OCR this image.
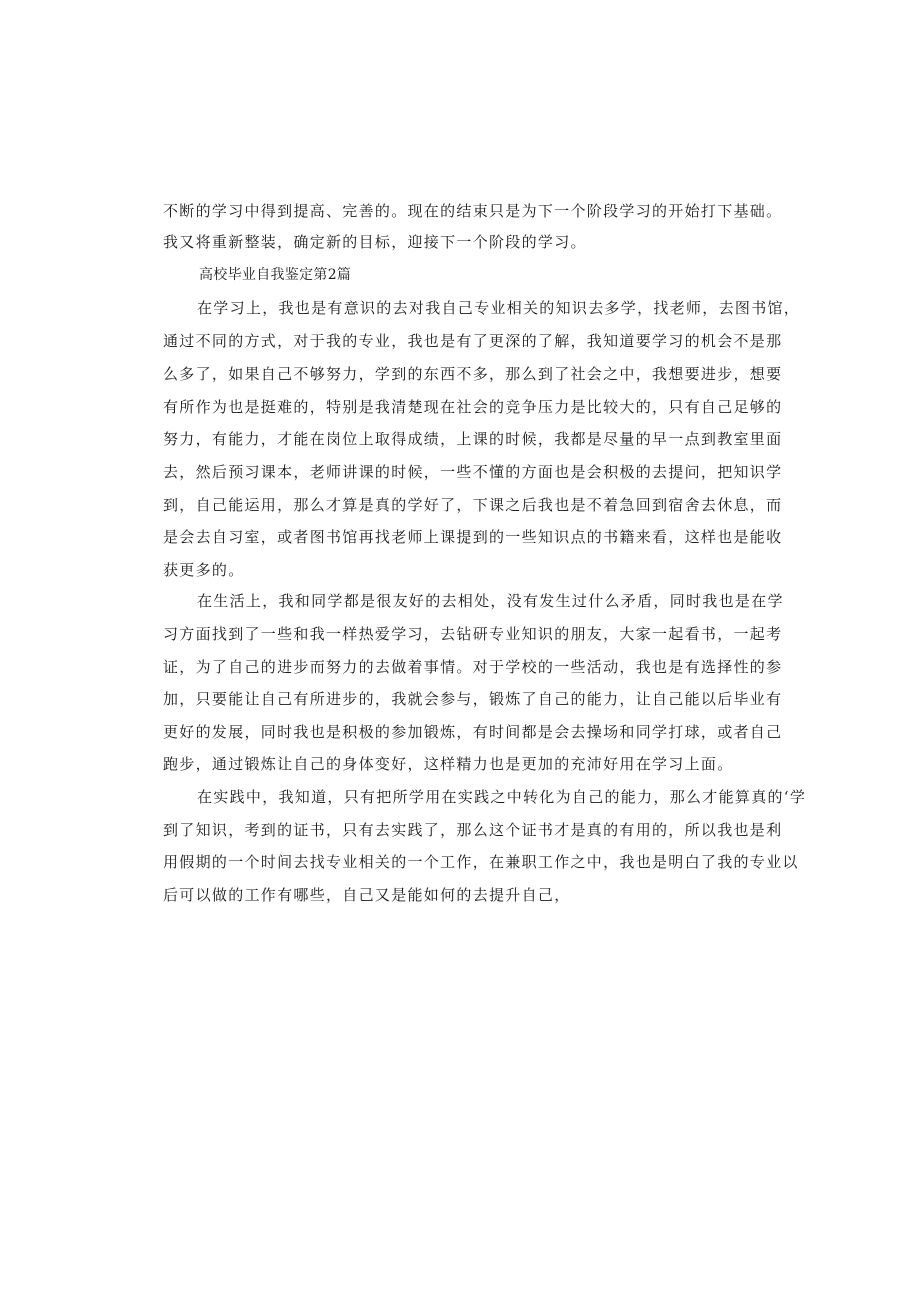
不断的学习中得到提高、完善的。现在的结束只是为下一个阶段学习的开始打下基础。
我又将重新整装，确定新的目标，迎接下一个阶段的学习。
高校毕业自我鉴定第2篇
在学习上，我也是有意识的去对我自己专业相关的知识去多学，找老师，去图书馆，
通过不同的方式，对于我的专业，我也是有了更深的了解，我知道要学习的机会不是那
么多了，如果自己不够努力，学到的东西不多，那么到了社会之中，我想要进步，想要
有所作为也是挺难的，特别是我清楚现在社会的竞争压力是比较大的，只有自己足够的
努力，有能力，才能在岗位上取得成绩，上课的时候，我都是尽量的早一点到教室里面
去，然后预习课本，老师讲课的时候，一些不懂的方面也是会积极的去提问，把知识学
到，自己能运用，那么才算是真的学好了，下课之后我也是不着急回到宿舍去休息，而
是会去自习室，或者图书馆再找老师上课提到的一些知识点的书籍来看，这样也是能收
获更多的。
在生活上，我和同学都是很友好的去相处，没有发生过什么矛盾，同时我也是在学
习方面找到了一些和我一样热爱学习，去钻研专业知识的朋友，大家一起看书，一起考
证，为了自己的进步而努力的去做着事情。对于学校的一些活动，我也是有选择性的参
加，只要能让自己有所进步的，我就会参与，锻炼了自己的能力，让自己能以后毕业有
更好的发展，同时我也是积极的参加锻炼，有时间都是会去操场和同学打球，或者自己
跑步，通过锻炼让自己的身体变好，这样精力也是更加的充沛好用在学习上面。
在实践中，我知道，只有把所学用在实践之中转化为自己的能力，那么才能算真的‘学
到了知识，考到的证书，只有去实践了，那么这个证书才是真的有用的，所以我也是利
用假期的一个时间去找专业相关的一个工作，在兼职工作之中，我也是明白了我的专业以
后可以做的工作有哪些，自己又是能如何的去提升自己，
